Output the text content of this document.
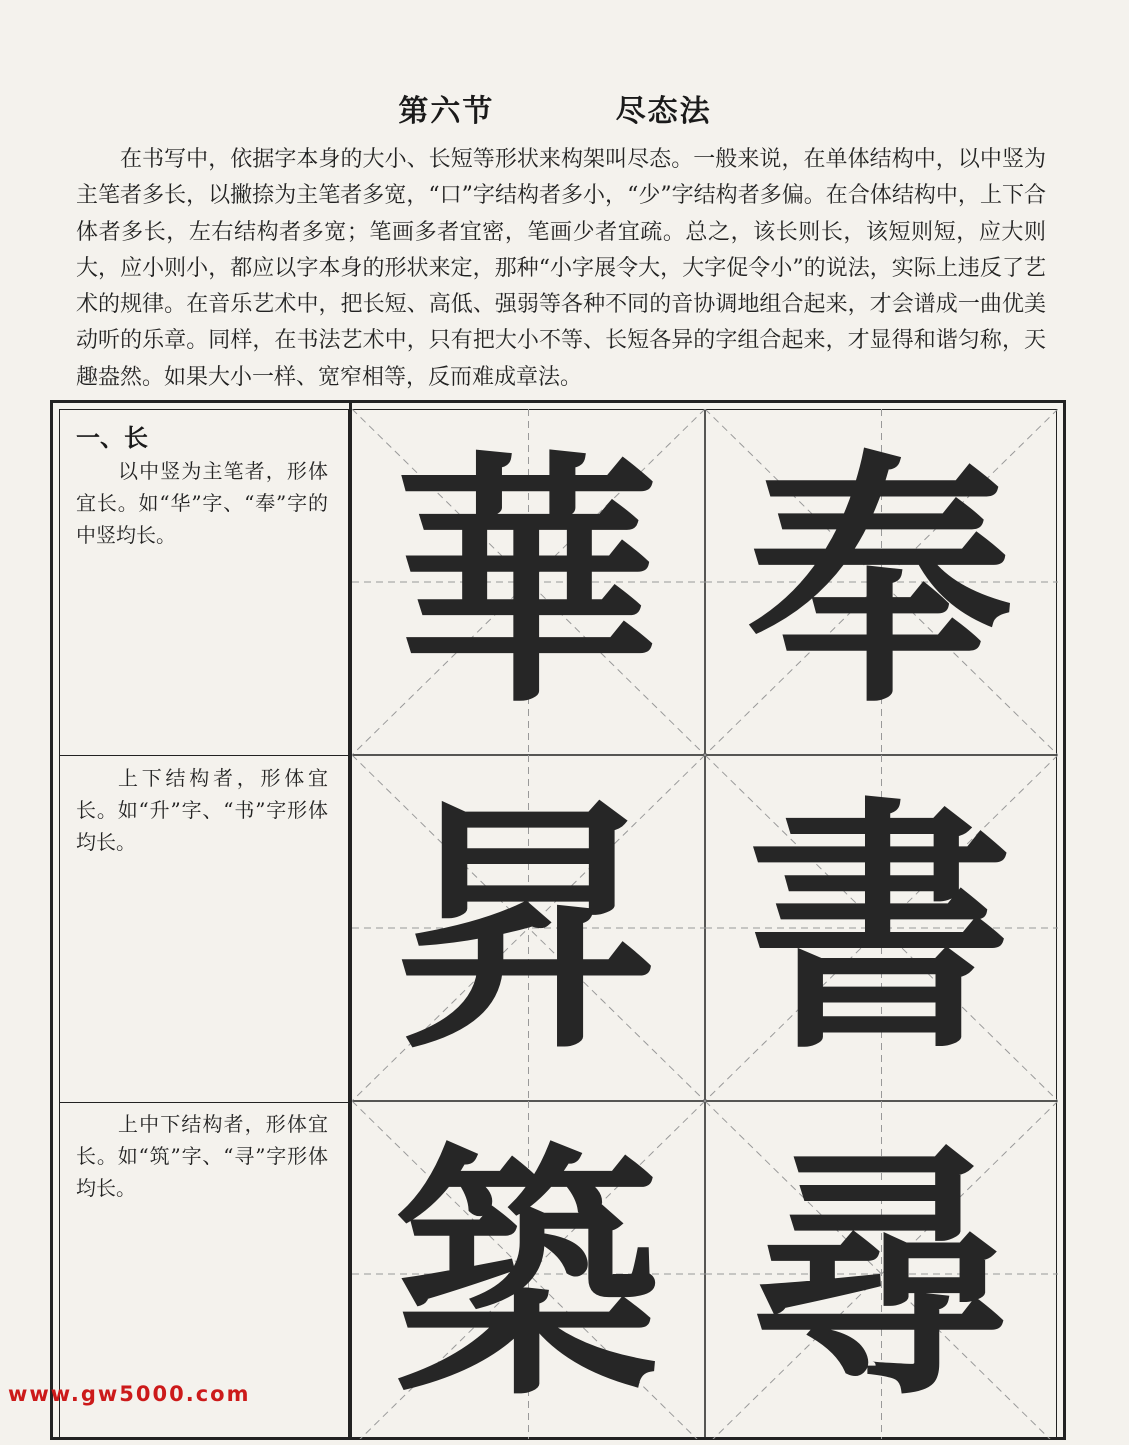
第六节   尽态法

在书写中，依据字本身的大小、长短等形状来构架叫尽态。一般来说，在单体结构中，以中竖为主笔者多长，以撇捺为主笔者多宽，“口”字结构者多小，“少”字结构者多偏。在合体结构中，上下合体者多长，左右结构者多宽；笔画多者宜密，笔画少者宜疏。总之，该长则长，该短则短，应大则大，应小则小，都应以字本身的形状来定，那种“小字展令大，大字促令小”的说法，实际上违反了艺术的规律。在音乐艺术中，把长短、高低、强弱等各种不同的音协调地组合起来，才会谱成一曲优美动听的乐章。同样，在书法艺术中，只有把大小不等、长短各异的字组合起来，才显得和谐匀称，天趣盎然。如果大小一样、宽窄相等，反而难成章法。

一、长

以中竖为主笔者，形体宜长。如“华”字、“奉”字的中竖均长。

上下结构者，形体宜长。如“升”字、“书”字形体均长。

上中下结构者，形体宜长。如“筑”字、“寻”字形体均长。

華 奉
昇 書
築 尋
www.gw5000.com
